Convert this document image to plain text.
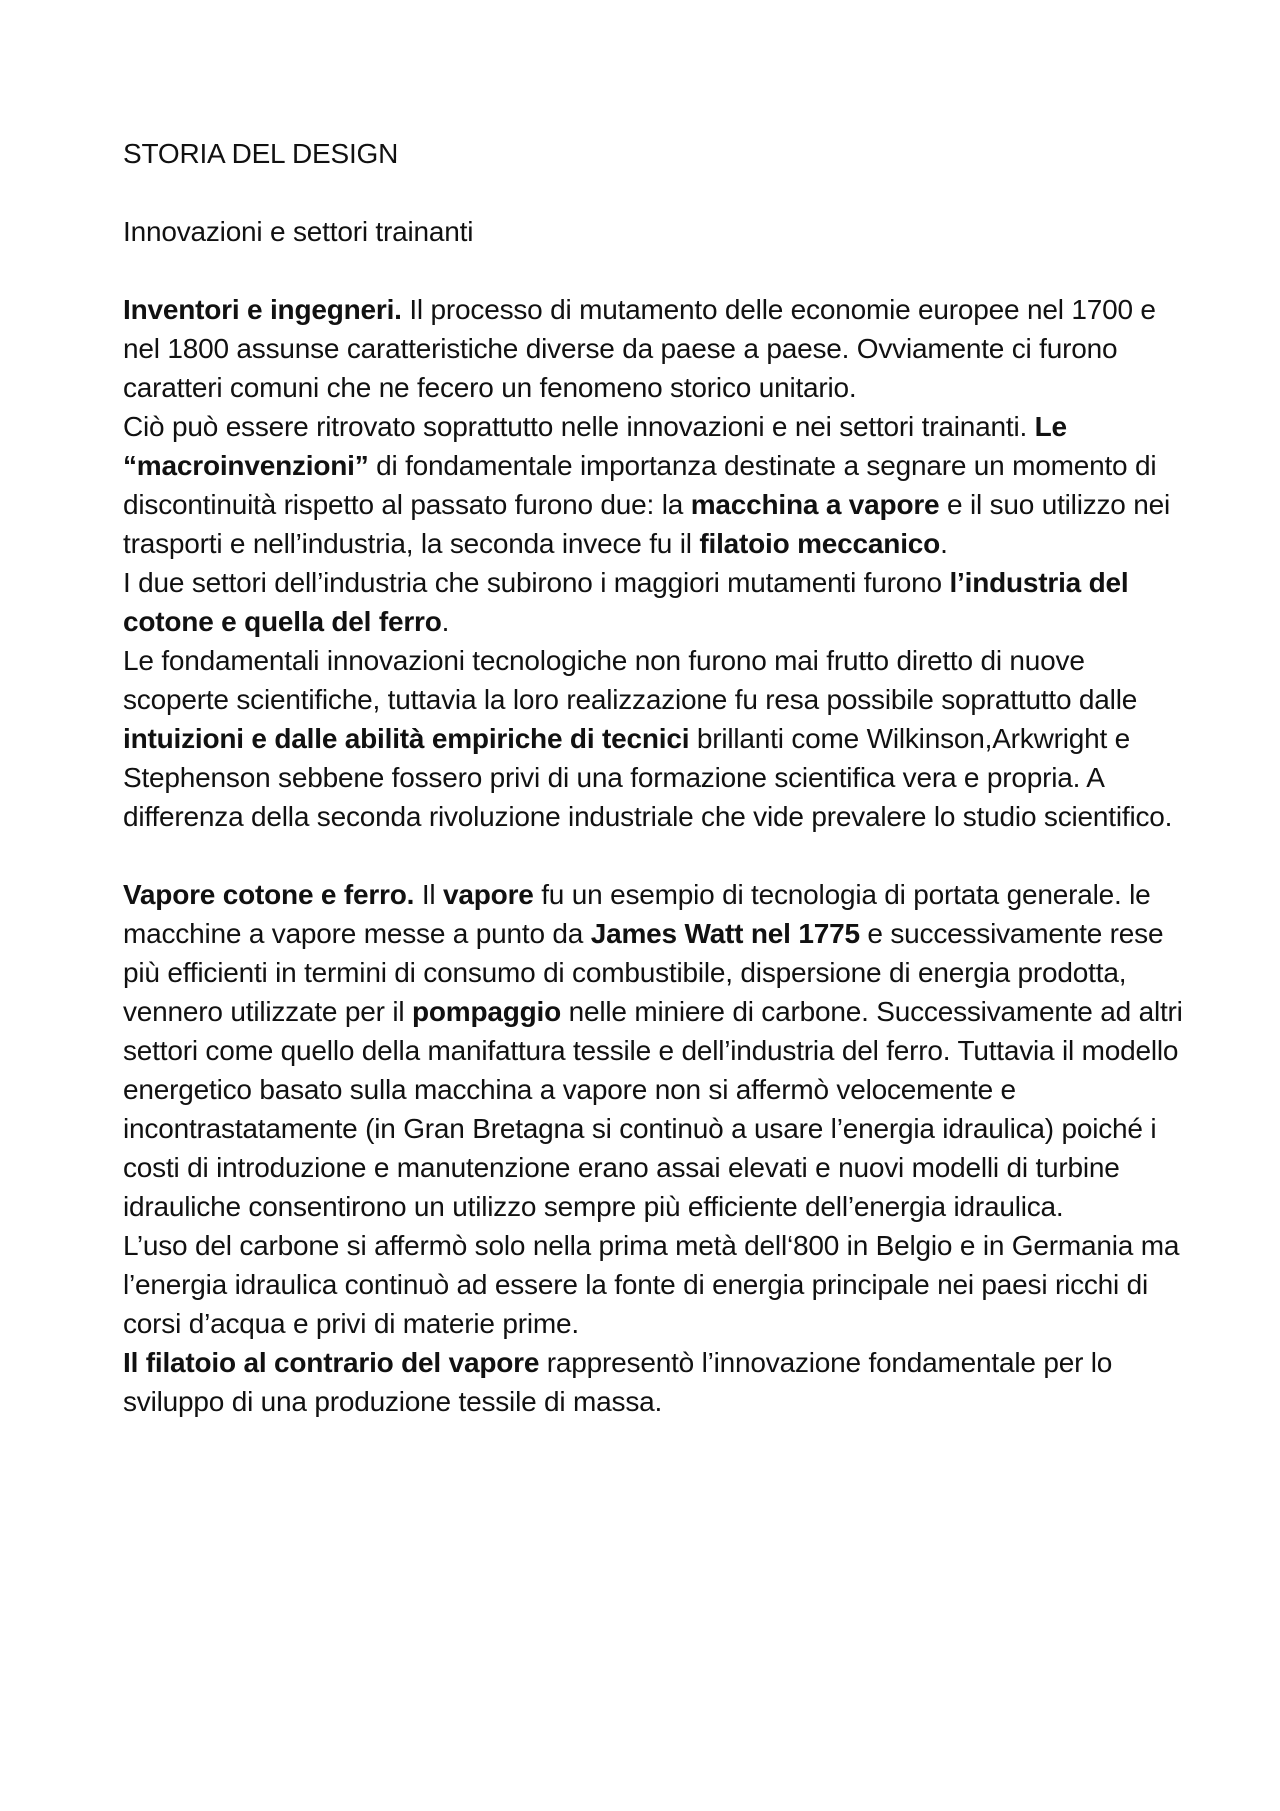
STORIA DEL DESIGN

Innovazioni e settori trainanti

Inventori e ingegneri. Il processo di mutamento delle economie europee nel 1700 e nel 1800 assunse caratteristiche diverse da paese a paese. Ovviamente ci furono caratteri comuni che ne fecero un fenomeno storico unitario.

Ciò può essere ritrovato soprattutto nelle innovazioni e nei settori trainanti. Le “macroinvenzioni” di fondamentale importanza destinate a segnare un momento di discontinuità rispetto al passato furono due: la macchina a vapore e il suo utilizzo nei trasporti e nell’industria, la seconda invece fu il filatoio meccanico.

I due settori dell’industria che subirono i maggiori mutamenti furono l’industria del cotone e quella del ferro.

Le fondamentali innovazioni tecnologiche non furono mai frutto diretto di nuove scoperte scientifiche, tuttavia la loro realizzazione fu resa possibile soprattutto dalle intuizioni e dalle abilità empiriche di tecnici brillanti come Wilkinson,Arkwright e Stephenson sebbene fossero privi di una formazione scientifica vera e propria. A differenza della seconda rivoluzione industriale che vide prevalere lo studio scientifico.

Vapore cotone e ferro. Il vapore fu un esempio di tecnologia di portata generale. le macchine a vapore messe a punto da James Watt nel 1775 e successivamente rese più efficienti in termini di consumo di combustibile, dispersione di energia prodotta, vennero utilizzate per il pompaggio nelle miniere di carbone. Successivamente ad altri settori come quello della manifattura tessile e dell’industria del ferro. Tuttavia il modello energetico basato sulla macchina a vapore non si affermò velocemente e incontrastatamente (in Gran Bretagna si continuò a usare l’energia idraulica) poiché i costi di introduzione e manutenzione erano assai elevati e nuovi modelli di turbine idrauliche consentirono un utilizzo sempre più efficiente dell’energia idraulica.

L’uso del carbone si affermò solo nella prima metà dell‘800 in Belgio e in Germania ma l’energia idraulica continuò ad essere la fonte di energia principale nei paesi ricchi di corsi d’acqua e privi di materie prime.

Il filatoio al contrario del vapore rappresentò l’innovazione fondamentale per lo sviluppo di una produzione tessile di massa.
